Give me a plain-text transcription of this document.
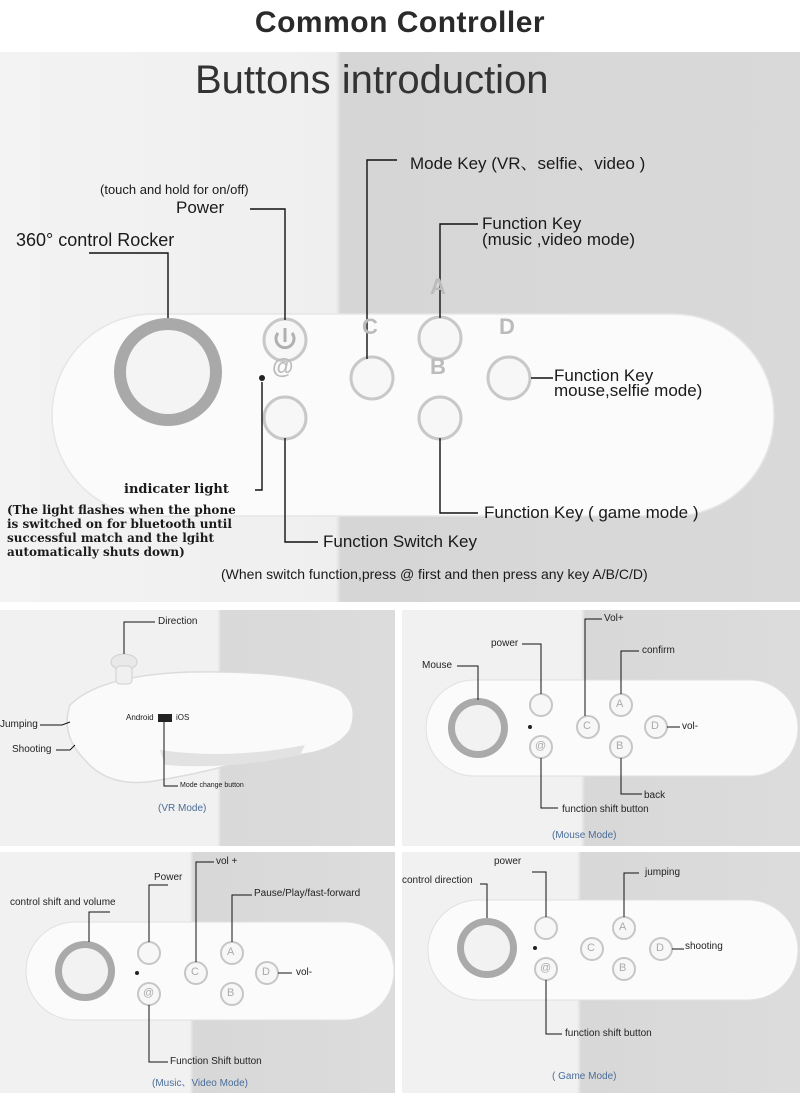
Common Controller
A
B
C	D
@
Buttons introduction
Mode Key (VR、selfie、video )
(touch and hold for on/off)
Power
360° control Rocker
Function Key
(music ,video mode)
Function Key
mouse,selfie mode)
Function Key ( game mode )
indicater light
(The light flashes when the phone
is switched on for bluetooth until
successful match and the lgiht
automatically shuts down)
Function Switch Key
(When switch function,press @ first and then press any key A/B/C/D)
Direction
Jumping
Shooting
Android	iOS
Mode change button
(VR Mode)
A
B
C	D
@
power
Vol+
Mouse
confirm
vol-
back
function shift button
(Mouse Mode)
A
B
C	D
@
Power
vol +
control shift and volume
Pause/Play/fast-forward
vol-
Function Shift button
(Music、Video Mode)
A
B
C	D
@
power
control direction
jumping
shooting
function shift button
( Game Mode)
